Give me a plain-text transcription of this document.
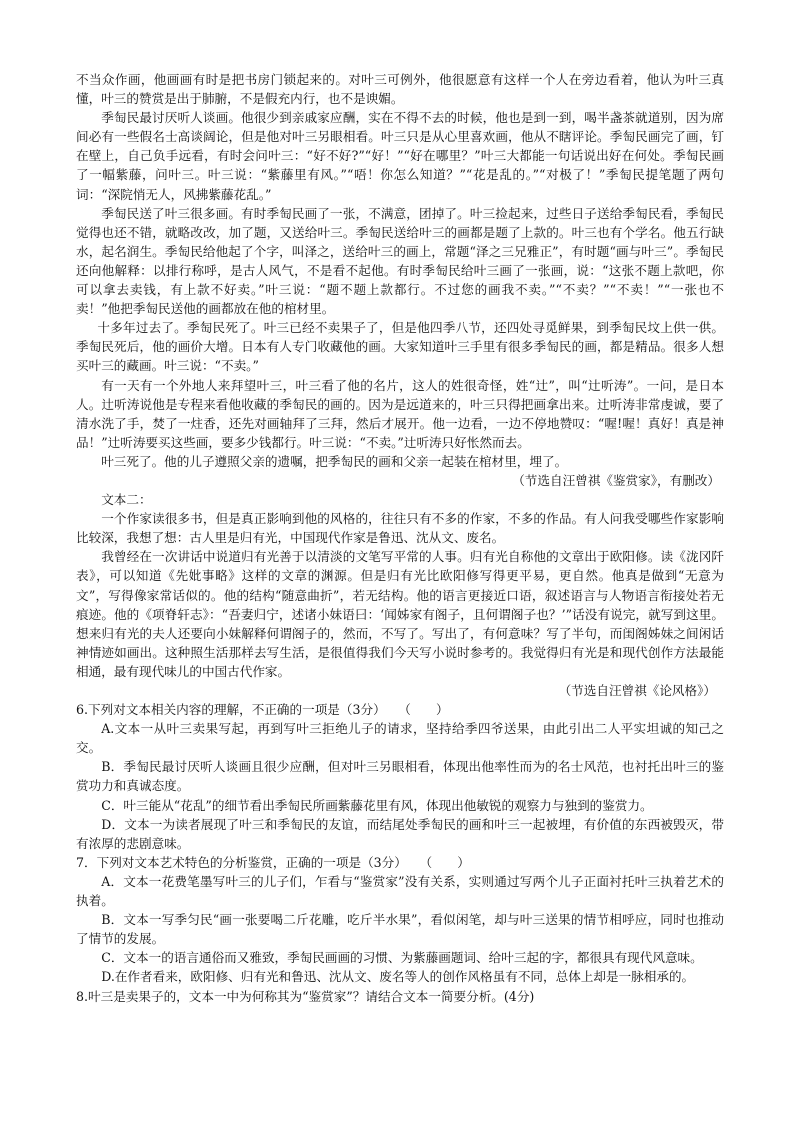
不当众作画，他画画有时是把书房门锁起来的。对叶三可例外，他很愿意有这样一个人在旁边看着，他认为叶三真懂，叶三的赞赏是出于肺腑，不是假充内行，也不是谀媚。

季匋民最讨厌听人谈画。他很少到亲戚家应酬，实在不得不去的时候，他也是到一到，喝半盏茶就道别，因为席间必有一些假名士高谈阔论，但是他对叶三另眼相看。叶三只是从心里喜欢画，他从不瞎评论。季匋民画完了画，钉在壁上，自己负手远看，有时会问叶三：“好不好?”“好！”“好在哪里？”叶三大都能一句话说出好在何处。季匋民画了一幅紫藤，问叶三。叶三说：“紫藤里有风。”“唔！你怎么知道？”“花是乱的。”“对极了！”季匋民提笔题了两句词：“深院悄无人，风拂紫藤花乱。”

季匋民送了叶三很多画。有时季匋民画了一张，不满意，团掉了。叶三捡起来，过些日子送给季匋民看，季匋民觉得也还不错，就略改改，加了题，又送给叶三。季匋民送给叶三的画都是题了上款的。叶三也有个学名。他五行缺水，起名润生。季匋民给他起了个字，叫泽之，送给叶三的画上，常题“泽之三兄雅正”，有时题“画与叶三”。季匋民还向他解释：以排行称呼，是古人风气，不是看不起他。有时季匋民给叶三画了一张画，说：“这张不题上款吧，你可以拿去卖钱，有上款不好卖。”叶三说：“题不题上款都行。不过您的画我不卖。”“不卖？”“不卖！”“一张也不卖！”他把季匋民送他的画都放在他的棺材里。

十多年过去了。季匋民死了。叶三已经不卖果子了，但是他四季八节，还四处寻觅鲜果，到季匋民坟上供一供。季匋民死后，他的画价大增。日本有人专门收藏他的画。大家知道叶三手里有很多季匋民的画，都是精品。很多人想买叶三的藏画。叶三说：“不卖。”

有一天有一个外地人来拜望叶三，叶三看了他的名片，这人的姓很奇怪，姓“辻”，叫“辻听涛”。一问，是日本人。辻听涛说他是专程来看他收藏的季匋民的画的。因为是远道来的，叶三只得把画拿出来。辻听涛非常虔诚，要了清水洗了手，焚了一炷香，还先对画轴拜了三拜，然后才展开。他一边看，一边不停地赞叹：“喔!喔！真好！真是神品！”辻听涛要买这些画，要多少钱都行。叶三说：“不卖。”辻听涛只好怅然而去。

叶三死了。他的儿子遵照父亲的遗嘱，把季匋民的画和父亲一起装在棺材里，埋了。

（节选自汪曾祺《鉴赏家》，有删改）

文本二：

一个作家读很多书，但是真正影响到他的风格的，往往只有不多的作家，不多的作品。有人问我受哪些作家影响比较深，我想了想：古人里是归有光，中国现代作家是鲁迅、沈从文、废名。

我曾经在一次讲话中说道归有光善于以清淡的文笔写平常的人事。归有光自称他的文章出于欧阳修。读《泷冈阡表》，可以知道《先妣事略》这样的文章的渊源。但是归有光比欧阳修写得更平易，更自然。他真是做到“无意为文”，写得像家常话似的。他的结构“随意曲折”，若无结构。他的语言更接近口语，叙述语言与人物语言衔接处若无痕迹。他的《项脊轩志》：“吾妻归宁，述诸小妹语曰：‘闻姊家有阁子，且何谓阁子也？’”话没有说完，就写到这里。想来归有光的夫人还要向小妹解释何谓阁子的，然而，不写了。写出了，有何意味？写了半句，而闺阁姊妹之间闲话神情迹如画出。这种照生活那样去写生活，是很值得我们今天写小说时参考的。我觉得归有光是和现代创作方法最能相通，最有现代味儿的中国古代作家。

（节选自汪曾祺《论风格》）

6.下列对文本相关内容的理解，不正确的一项是（3分）　　（　　）

A.文本一从叶三卖果写起，再到写叶三拒绝儿子的请求，坚持给季四爷送果，由此引出二人平实坦诚的知己之交。

B．季匋民最讨厌听人谈画且很少应酬，但对叶三另眼相看，体现出他率性而为的名士风范，也衬托出叶三的鉴赏功力和真诚态度。

C．叶三能从“花乱”的细节看出季匋民所画紫藤花里有风，体现出他敏锐的观察力与独到的鉴赏力。

D．文本一为读者展现了叶三和季匋民的友谊，而结尾处季匋民的画和叶三一起被埋，有价值的东西被毁灭，带有浓厚的悲剧意味。

7．下列对文本艺术特色的分析鉴赏，正确的一项是（3分）　　（　　）

A．文本一花费笔墨写叶三的儿子们，乍看与“鉴赏家”没有关系，实则通过写两个儿子正面衬托叶三执着艺术的执着。

B．文本一写季匀民“画一张要喝二斤花雕，吃斤半水果”，看似闲笔，却与叶三送果的情节相呼应，同时也推动了情节的发展。

C．文本一的语言通俗而又雅致，季匋民画画的习惯、为紫藤画题词、给叶三起的字，都很具有现代风意味。

D.在作者看来，欧阳修、归有光和鲁迅、沈从文、废名等人的创作风格虽有不同，总体上却是一脉相承的。

8.叶三是卖果子的，文本一中为何称其为“鉴赏家”？请结合文本一简要分析。(4分)
